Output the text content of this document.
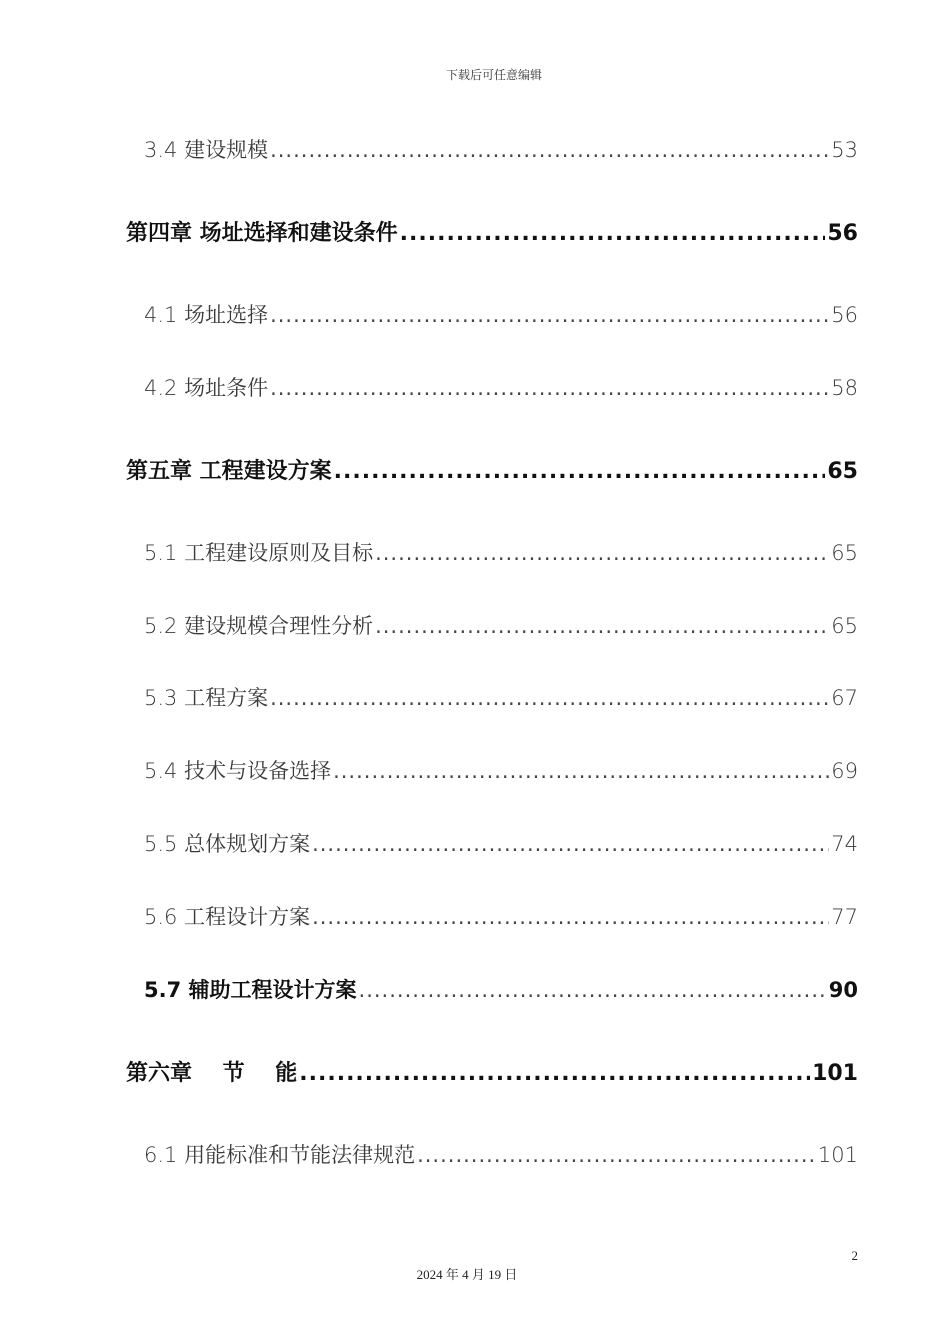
下载后可任意编辑
3.4 建设规模 .....	53
第四章 场址选择和建设条件 .....	56
4.1 场址选择 .....	56
4.2 场址条件 .....	58
第五章 工程建设方案 .....	65
5.1 工程建设原则及目标 .....	65
5.2 建设规模合理性分析 .....	65
5.3 工程方案 .....	67
5.4 技术与设备选择 .....	69
5.5 总体规划方案 .....	74
5.6 工程设计方案 .....	77
5.7 辅助工程设计方案 .....	90
第六章    节    能 .....	101
6.1 用能标准和节能法律规范 .....	101
2
2024 年 4 月 19 日
